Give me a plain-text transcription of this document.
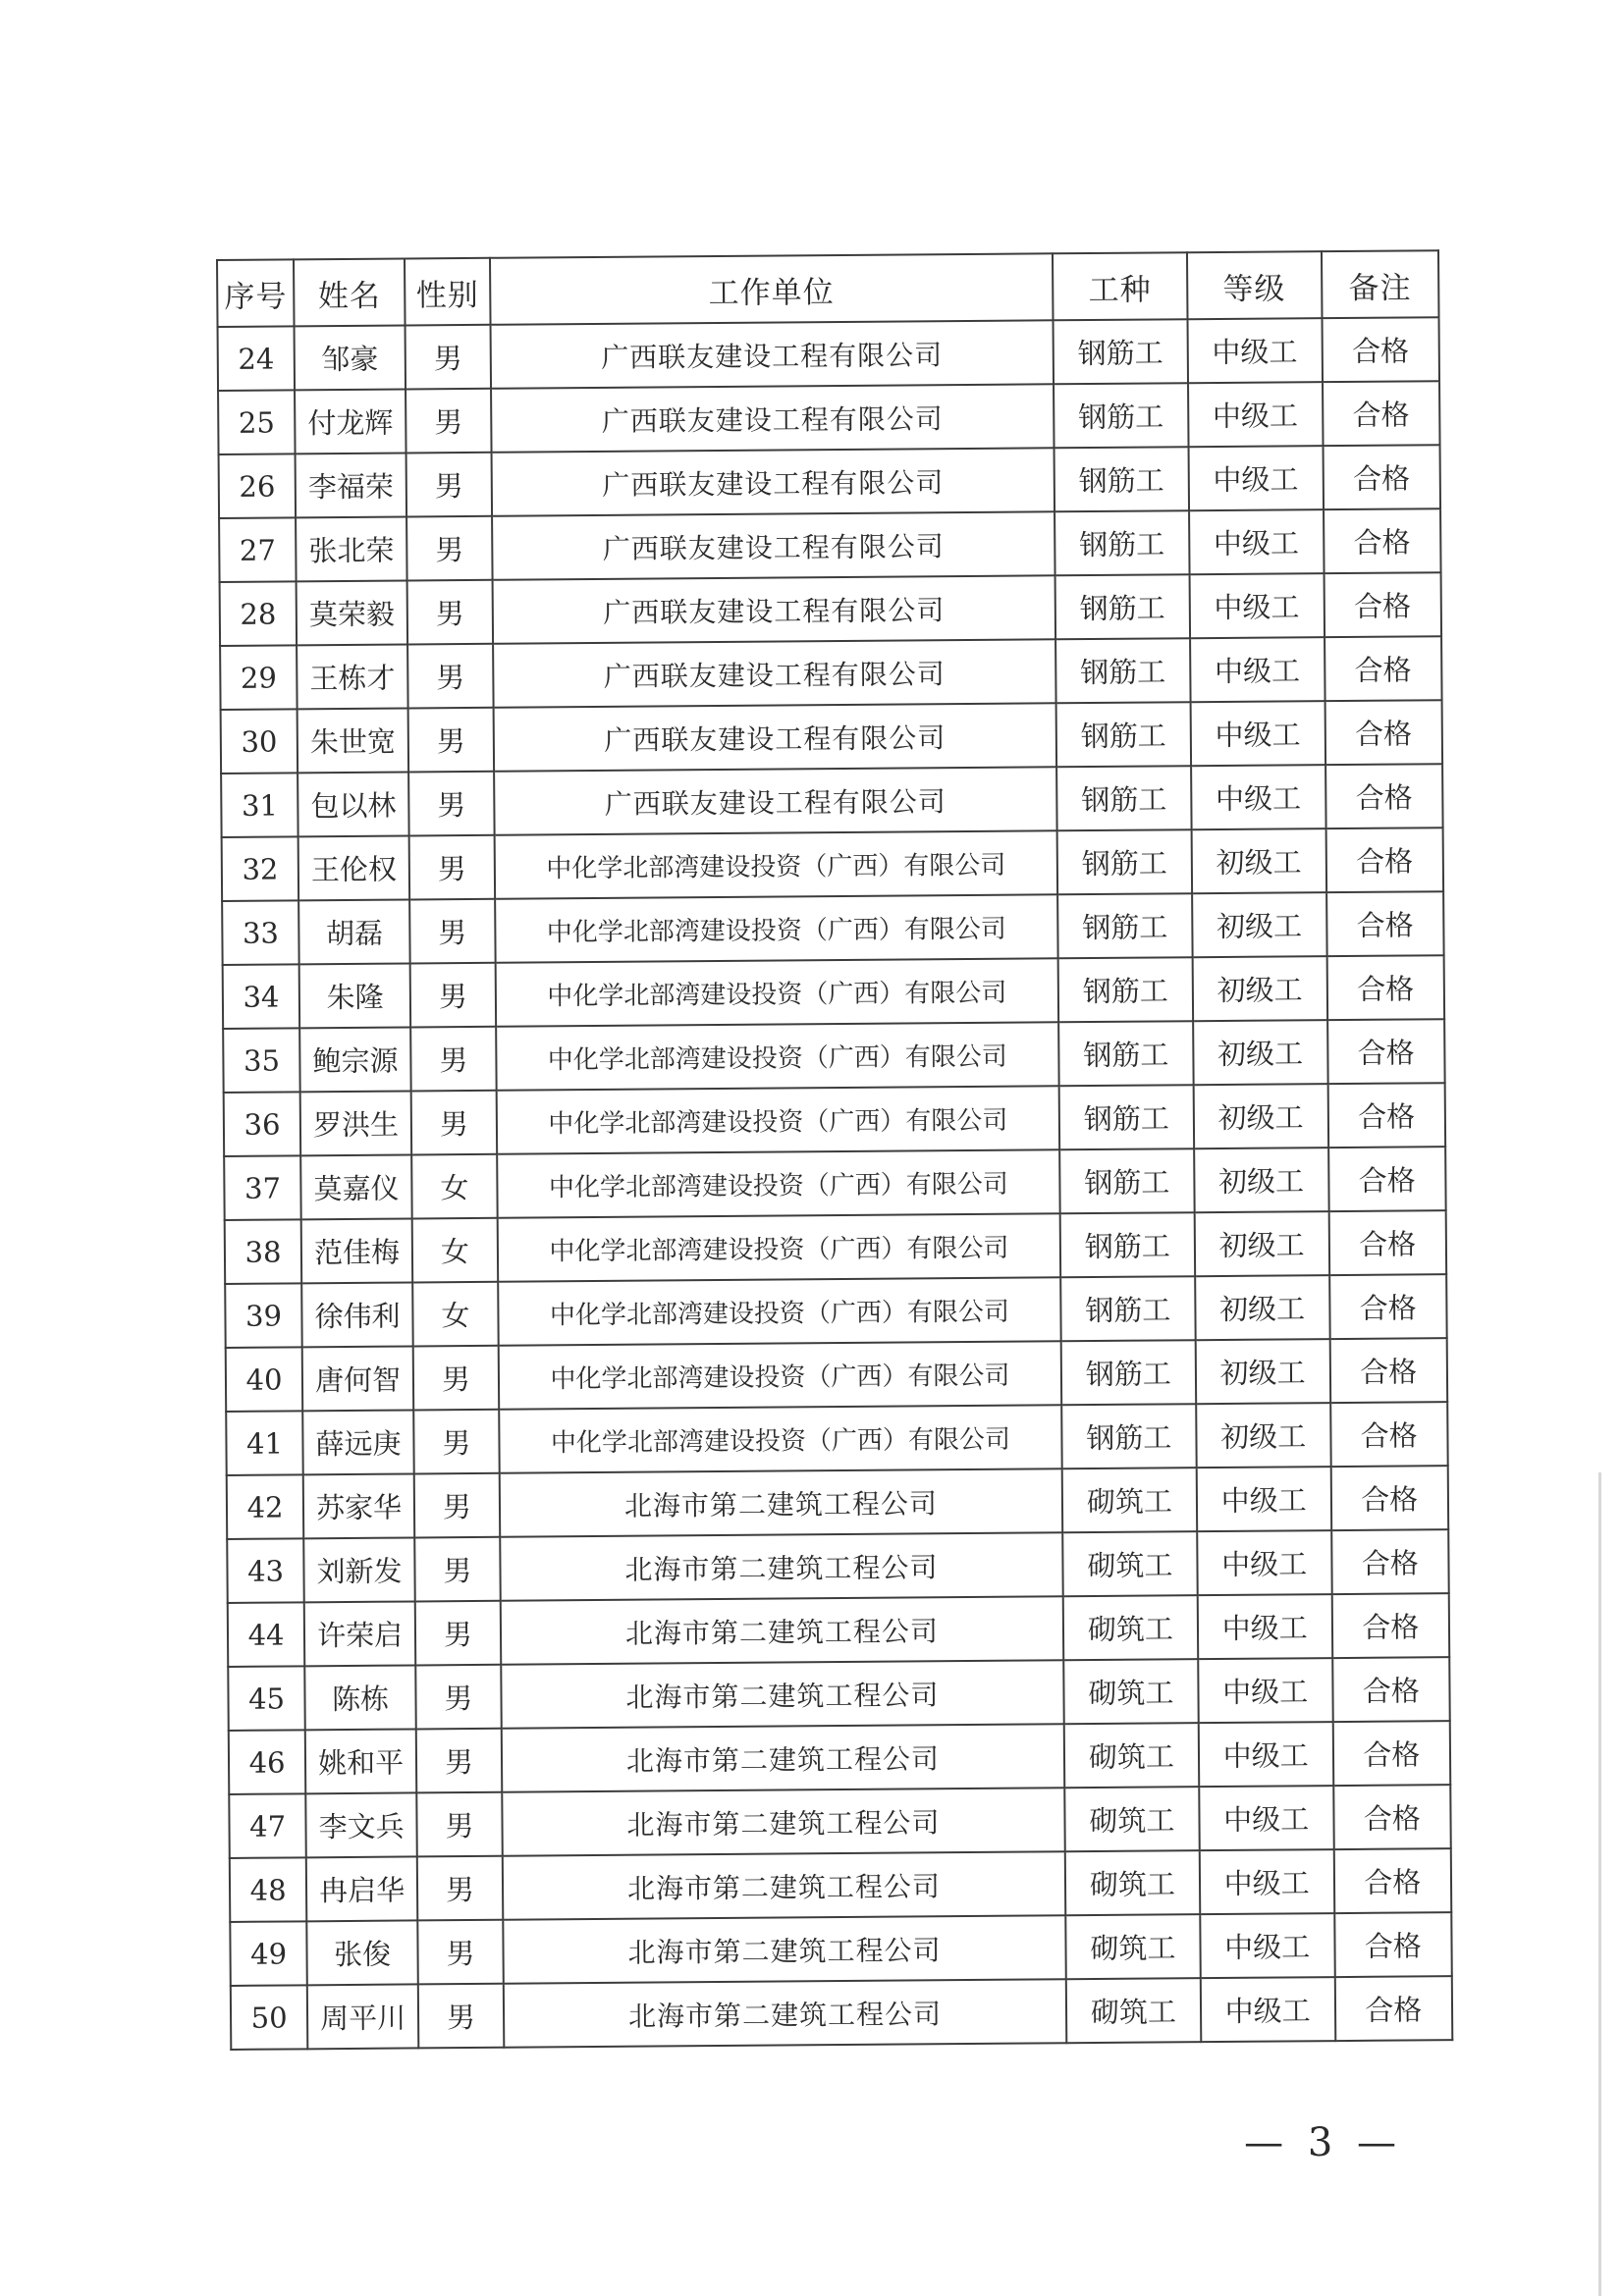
序号	姓名	性别	工作单位	工种	等级	备注
24	邹豪	男	广西联友建设工程有限公司	钢筋工	中级工	合格
25	付龙辉	男	广西联友建设工程有限公司	钢筋工	中级工	合格
26	李福荣	男	广西联友建设工程有限公司	钢筋工	中级工	合格
27	张北荣	男	广西联友建设工程有限公司	钢筋工	中级工	合格
28	莫荣毅	男	广西联友建设工程有限公司	钢筋工	中级工	合格
29	王栋才	男	广西联友建设工程有限公司	钢筋工	中级工	合格
30	朱世宽	男	广西联友建设工程有限公司	钢筋工	中级工	合格
31	包以林	男	广西联友建设工程有限公司	钢筋工	中级工	合格
32	王伦权	男	中化学北部湾建设投资（广西）有限公司	钢筋工	初级工	合格
33	胡磊	男	中化学北部湾建设投资（广西）有限公司	钢筋工	初级工	合格
34	朱隆	男	中化学北部湾建设投资（广西）有限公司	钢筋工	初级工	合格
35	鲍宗源	男	中化学北部湾建设投资（广西）有限公司	钢筋工	初级工	合格
36	罗洪生	男	中化学北部湾建设投资（广西）有限公司	钢筋工	初级工	合格
37	莫嘉仪	女	中化学北部湾建设投资（广西）有限公司	钢筋工	初级工	合格
38	范佳梅	女	中化学北部湾建设投资（广西）有限公司	钢筋工	初级工	合格
39	徐伟利	女	中化学北部湾建设投资（广西）有限公司	钢筋工	初级工	合格
40	唐何智	男	中化学北部湾建设投资（广西）有限公司	钢筋工	初级工	合格
41	薛远庚	男	中化学北部湾建设投资（广西）有限公司	钢筋工	初级工	合格
42	苏家华	男	北海市第二建筑工程公司	砌筑工	中级工	合格
43	刘新发	男	北海市第二建筑工程公司	砌筑工	中级工	合格
44	许荣启	男	北海市第二建筑工程公司	砌筑工	中级工	合格
45	陈栋	男	北海市第二建筑工程公司	砌筑工	中级工	合格
46	姚和平	男	北海市第二建筑工程公司	砌筑工	中级工	合格
47	李文兵	男	北海市第二建筑工程公司	砌筑工	中级工	合格
48	冉启华	男	北海市第二建筑工程公司	砌筑工	中级工	合格
49	张俊	男	北海市第二建筑工程公司	砌筑工	中级工	合格
50	周平川	男	北海市第二建筑工程公司	砌筑工	中级工	合格
— 3 —
